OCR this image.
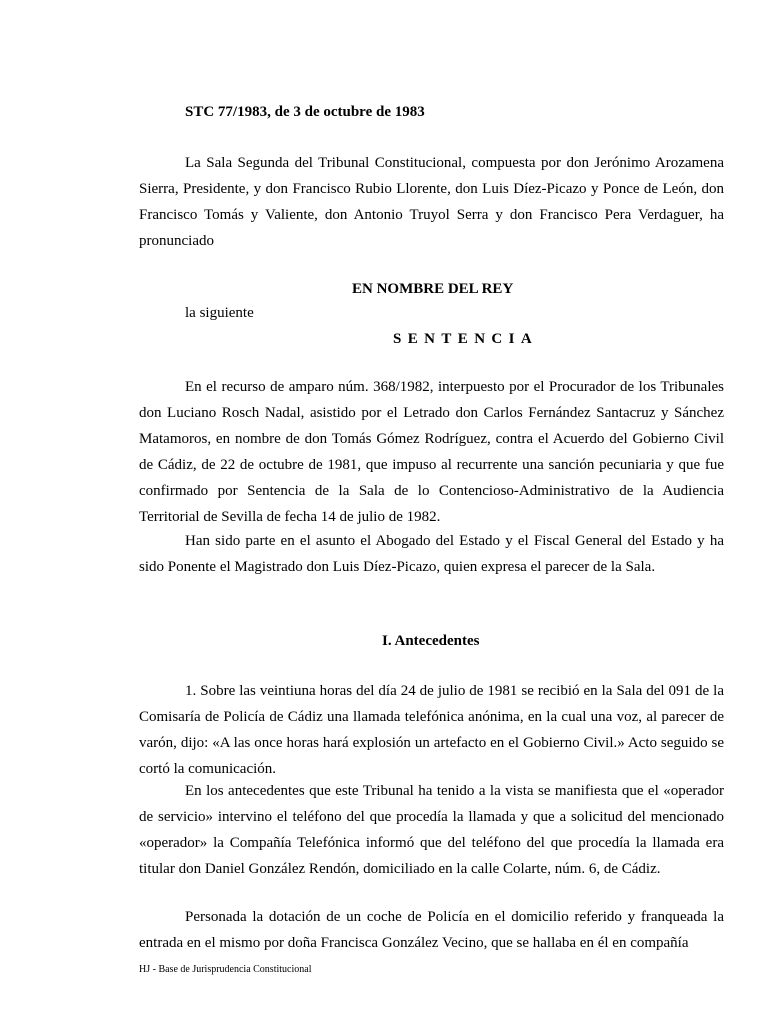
STC 77/1983, de 3 de octubre de 1983
La Sala Segunda del Tribunal Constitucional, compuesta por don Jerónimo Arozamena Sierra, Presidente, y don Francisco Rubio Llorente, don Luis Díez-Picazo y Ponce de León, don Francisco Tomás y Valiente, don Antonio Truyol Serra y don Francisco Pera Verdaguer, ha pronunciado
EN NOMBRE DEL REY
la siguiente
SENTENCIA
En el recurso de amparo núm. 368/1982, interpuesto por el Procurador de los Tribunales don Luciano Rosch Nadal, asistido por el Letrado don Carlos Fernández Santacruz y Sánchez Matamoros, en nombre de don Tomás Gómez Rodríguez, contra el Acuerdo del Gobierno Civil de Cádiz, de 22 de octubre de 1981, que impuso al recurrente una sanción pecuniaria y que fue confirmado por Sentencia de la Sala de lo Contencioso-Administrativo de la Audiencia Territorial de Sevilla de fecha 14 de julio de 1982.
Han sido parte en el asunto el Abogado del Estado y el Fiscal General del Estado y ha sido Ponente el Magistrado don Luis Díez-Picazo, quien expresa el parecer de la Sala.
I. Antecedentes
1. Sobre las veintiuna horas del día 24 de julio de 1981 se recibió en la Sala del 091 de la Comisaría de Policía de Cádiz una llamada telefónica anónima, en la cual una voz, al parecer de varón, dijo: «A las once horas hará explosión un artefacto en el Gobierno Civil.» Acto seguido se cortó la comunicación.
En los antecedentes que este Tribunal ha tenido a la vista se manifiesta que el «operador de servicio» intervino el teléfono del que procedía la llamada y que a solicitud del mencionado «operador» la Compañía Telefónica informó que del teléfono del que procedía la llamada era titular don Daniel González Rendón, domiciliado en la calle Colarte, núm. 6, de Cádiz.
Personada la dotación de un coche de Policía en el domicilio referido y franqueada la entrada en el mismo por doña Francisca González Vecino, que se hallaba en él en compañía
HJ - Base de Jurisprudencia Constitucional
